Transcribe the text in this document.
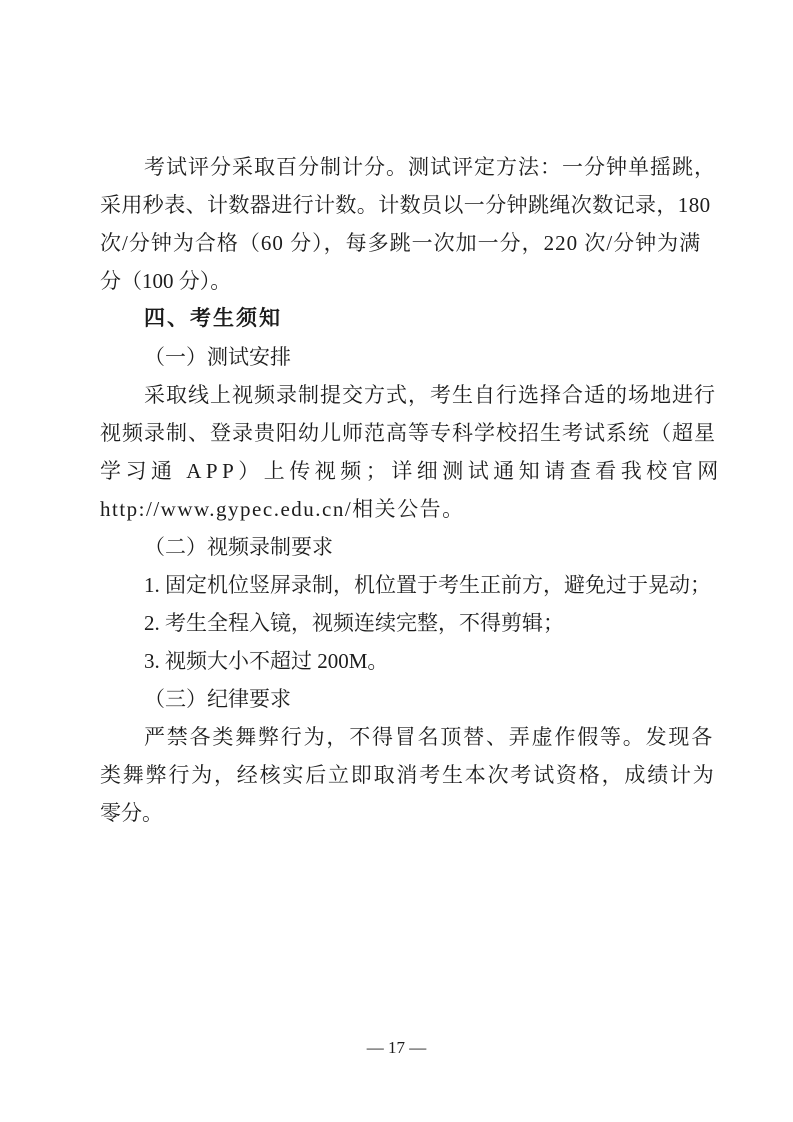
考试评分采取百分制计分。测试评定方法：一分钟单摇跳，
采用秒表、计数器进行计数。计数员以一分钟跳绳次数记录，180
次/分钟为合格（60 分），每多跳一次加一分，220 次/分钟为满
分（100 分）。
四、考生须知
（一）测试安排
采取线上视频录制提交方式，考生自行选择合适的场地进行
视频录制、登录贵阳幼儿师范高等专科学校招生考试系统（超星
学习通 APP）上传视频；详细测试通知请查看我校官网
http://www.gypec.edu.cn/相关公告。
（二）视频录制要求
1. 固定机位竖屏录制，机位置于考生正前方，避免过于晃动；
2. 考生全程入镜，视频连续完整，不得剪辑；
3. 视频大小不超过 200M。
（三）纪律要求
严禁各类舞弊行为，不得冒名顶替、弄虚作假等。发现各
类舞弊行为，经核实后立即取消考生本次考试资格，成绩计为
零分。
— 17 —
